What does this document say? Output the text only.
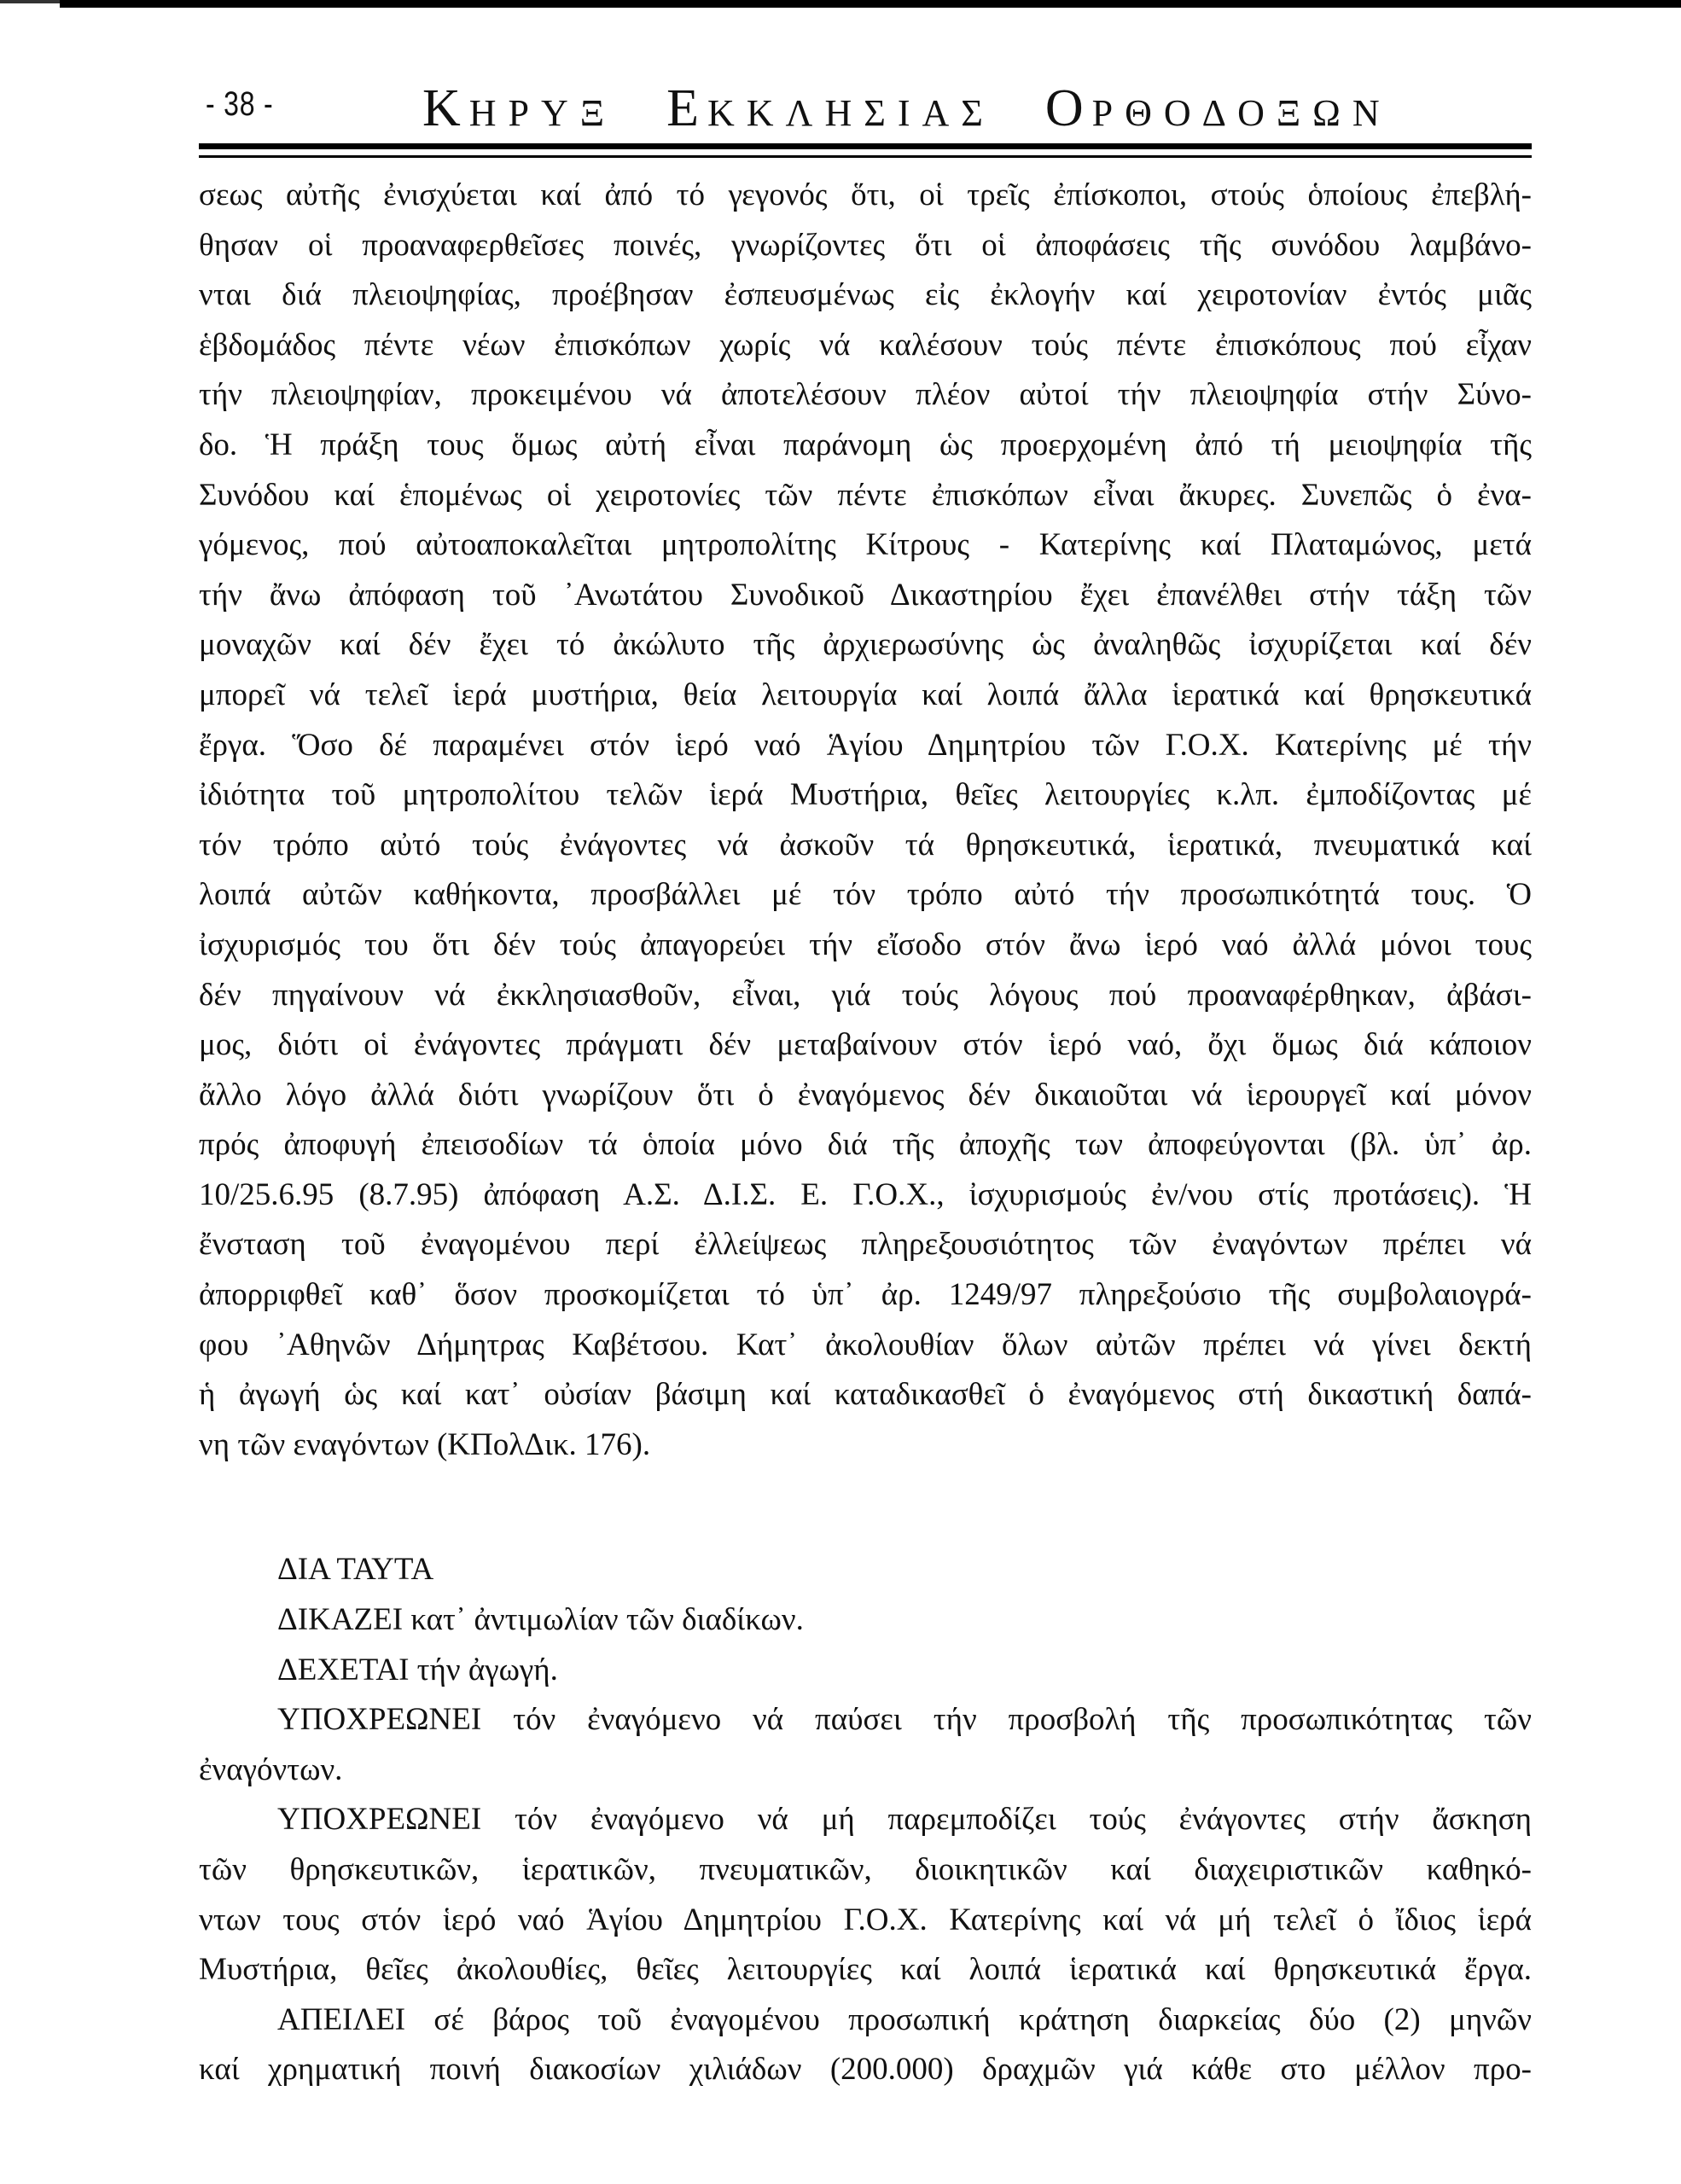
- 38 -	ΚΗΡΥΞ ΕΚΚΛΗΣΙΑΣ ΟΡΘΟΔΟΞΩΝ
σεως αὐτῆς ἐνισχύεται καί ἀπό τό γεγονός ὅτι, οἱ τρεῖς ἐπίσκοποι, στούς ὁποίους ἐπεβλή-
θησαν οἱ προαναφερθεῖσες ποινές, γνωρίζοντες ὅτι οἱ ἀποφάσεις τῆς συνόδου λαμβάνο-
νται διά πλειοψηφίας, προέβησαν ἐσπευσμένως εἰς ἐκλογήν καί χειροτονίαν ἐντός μιᾶς
ἑβδομάδος πέντε νέων ἐπισκόπων χωρίς νά καλέσουν τούς πέντε ἐπισκόπους πού εἶχαν
τήν πλειοψηφίαν, προκειμένου νά ἀποτελέσουν πλέον αὐτοί τήν πλειοψηφία στήν Σύνο-
δο. Ἡ πράξη τους ὅμως αὐτή εἶναι παράνομη ὡς προερχομένη ἀπό τή μειοψηφία τῆς
Συνόδου καί ἑπομένως οἱ χειροτονίες τῶν πέντε ἐπισκόπων εἶναι ἄκυρες. Συνεπῶς ὁ ἐνα-
γόμενος, πού αὐτοαποκαλεῖται μητροπολίτης Κίτρους - Κατερίνης καί Πλαταμώνος, μετά
τήν ἄνω ἀπόφαση τοῦ ᾿Ανωτάτου Συνοδικοῦ Δικαστηρίου ἔχει ἐπανέλθει στήν τάξη τῶν
μοναχῶν καί δέν ἔχει τό ἀκώλυτο τῆς ἀρχιερωσύνης ὡς ἀναληθῶς ἰσχυρίζεται καί δέν
μπορεῖ νά τελεῖ ἱερά μυστήρια, θεία λειτουργία καί λοιπά ἄλλα ἱερατικά καί θρησκευτικά
ἔργα. Ὅσο δέ παραμένει στόν ἱερό ναό Ἁγίου Δημητρίου τῶν Γ.Ο.Χ. Κατερίνης μέ τήν
ἰδιότητα τοῦ μητροπολίτου τελῶν ἱερά Μυστήρια, θεῖες λειτουργίες κ.λπ. ἐμποδίζοντας μέ
τόν τρόπο αὐτό τούς ἐνάγοντες νά ἀσκοῦν τά θρησκευτικά, ἱερατικά, πνευματικά καί
λοιπά αὐτῶν καθήκοντα, προσβάλλει μέ τόν τρόπο αὐτό τήν προσωπικότητά τους. Ὁ
ἰσχυρισμός του ὅτι δέν τούς ἀπαγορεύει τήν εἴσοδο στόν ἄνω ἱερό ναό ἀλλά μόνοι τους
δέν πηγαίνουν νά ἐκκλησιασθοῦν, εἶναι, γιά τούς λόγους πού προαναφέρθηκαν, ἀβάσι-
μος, διότι οἱ ἐνάγοντες πράγματι δέν μεταβαίνουν στόν ἱερό ναό, ὄχι ὅμως διά κάποιον
ἄλλο λόγο ἀλλά διότι γνωρίζουν ὅτι ὁ ἐναγόμενος δέν δικαιοῦται νά ἱερουργεῖ καί μόνον
πρός ἀποφυγή ἐπεισοδίων τά ὁποία μόνο διά τῆς ἀποχῆς των ἀποφεύγονται (βλ. ὑπ᾿ ἀρ.
10/25.6.95 (8.7.95) ἀπόφαση Α.Σ. Δ.Ι.Σ. Ε. Γ.Ο.Χ., ἰσχυρισμούς ἐν/νου στίς προτάσεις). Ἡ
ἔνσταση τοῦ ἐναγομένου περί ἐλλείψεως πληρεξουσιότητος τῶν ἐναγόντων πρέπει νά
ἀπορριφθεῖ καθ᾿ ὅσον προσκομίζεται τό ὑπ᾿ ἀρ. 1249/97 πληρεξούσιο τῆς συμβολαιογρά-
φου ᾿Αθηνῶν Δήμητρας Καβέτσου. Κατ᾿ ἀκολουθίαν ὅλων αὐτῶν πρέπει νά γίνει δεκτή
ἡ ἀγωγή ὡς καί κατ᾿ οὐσίαν βάσιμη καί καταδικασθεῖ ὁ ἐναγόμενος στή δικαστική δαπά-
νη τῶν εναγόντων (ΚΠολΔικ. 176).
ΔΙΑ ΤΑΥΤΑ
ΔΙΚΑΖΕΙ κατ᾿ ἀντιμωλίαν τῶν διαδίκων.
ΔΕΧΕΤΑΙ τήν ἀγωγή.
ΥΠΟΧΡΕΩΝΕΙ τόν ἐναγόμενο νά παύσει τήν προσβολή τῆς προσωπικότητας τῶν
ἐναγόντων.
ΥΠΟΧΡΕΩΝΕΙ τόν ἐναγόμενο νά μή παρεμποδίζει τούς ἐνάγοντες στήν ἄσκηση
τῶν θρησκευτικῶν, ἱερατικῶν, πνευματικῶν, διοικητικῶν καί διαχειριστικῶν καθηκό-
ντων τους στόν ἱερό ναό Ἁγίου Δημητρίου Γ.Ο.Χ. Κατερίνης καί νά μή τελεῖ ὁ ἴδιος ἱερά
Μυστήρια, θεῖες ἀκολουθίες, θεῖες λειτουργίες καί λοιπά ἱερατικά καί θρησκευτικά ἔργα.
ΑΠΕΙΛΕΙ σέ βάρος τοῦ ἐναγομένου προσωπική κράτηση διαρκείας δύο (2) μηνῶν
καί χρηματική ποινή διακοσίων χιλιάδων (200.000) δραχμῶν γιά κάθε στο μέλλον προ-
